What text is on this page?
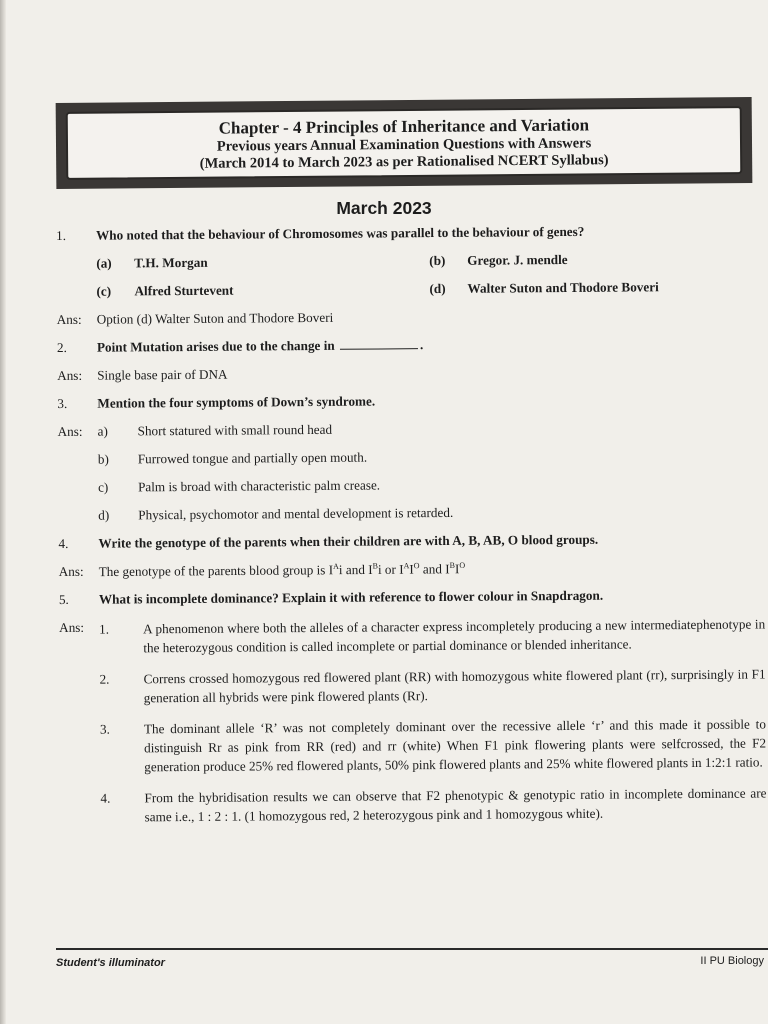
Chapter - 4 Principles of Inheritance and Variation
Previous years Annual Examination Questions with Answers
(March 2014 to March 2023 as per Rationalised NCERT Syllabus)
March 2023
1.	Who noted that the behaviour of Chromosomes was parallel to the behaviour of genes?
(a)	T.H. Morgan	(b)	Gregor. J. mendle
(c)	Alfred Sturtevent	(d)	Walter Suton and Thodore Boveri
Ans:	Option (d) Walter Suton and Thodore Boveri
2.	Point Mutation arises due to the change in	.
Ans:	Single base pair of DNA
3.	Mention the four symptoms of Down’s syndrome.
Ans:	a)	Short statured with small round head
b)	Furrowed tongue and partially open mouth.
c)	Palm is broad with characteristic palm crease.
d)	Physical, psychomotor and mental development is retarded.
4.	Write the genotype of the parents when their children are with A, B, AB, O blood groups.
Ans:	The genotype of the parents blood group is $I^Ai$ and $I^Bi$ or $I^AI^O$ and $I^BI^O$
5.	What is incomplete dominance? Explain it with reference to flower colour in Snapdragon.
Ans:	1.	A phenomenon where both the alleles of a character express incompletely producing a new intermediatephenotype in the heterozygous condition is called incomplete or partial dominance or blended inheritance.
2.	Correns crossed homozygous red flowered plant (RR) with homozygous white flowered plant (rr), surprisingly in F1 generation all hybrids were pink flowered plants (Rr).
3.	The dominant allele ‘R’ was not completely dominant over the recessive allele ‘r’ and this made it possible to distinguish Rr as pink from RR (red) and rr (white) When F1 pink flowering plants were selfcrossed, the F2 generation produce 25% red flowered plants, 50% pink flowered plants and 25% white flowered plants in 1:2:1 ratio.
4.	From the hybridisation results we can observe that F2 phenotypic & genotypic ratio in incomplete dominance are same i.e., 1 : 2 : 1. (1 homozygous red, 2 heterozygous pink and 1 homozygous white).
Student's illuminator	II PU Biology
